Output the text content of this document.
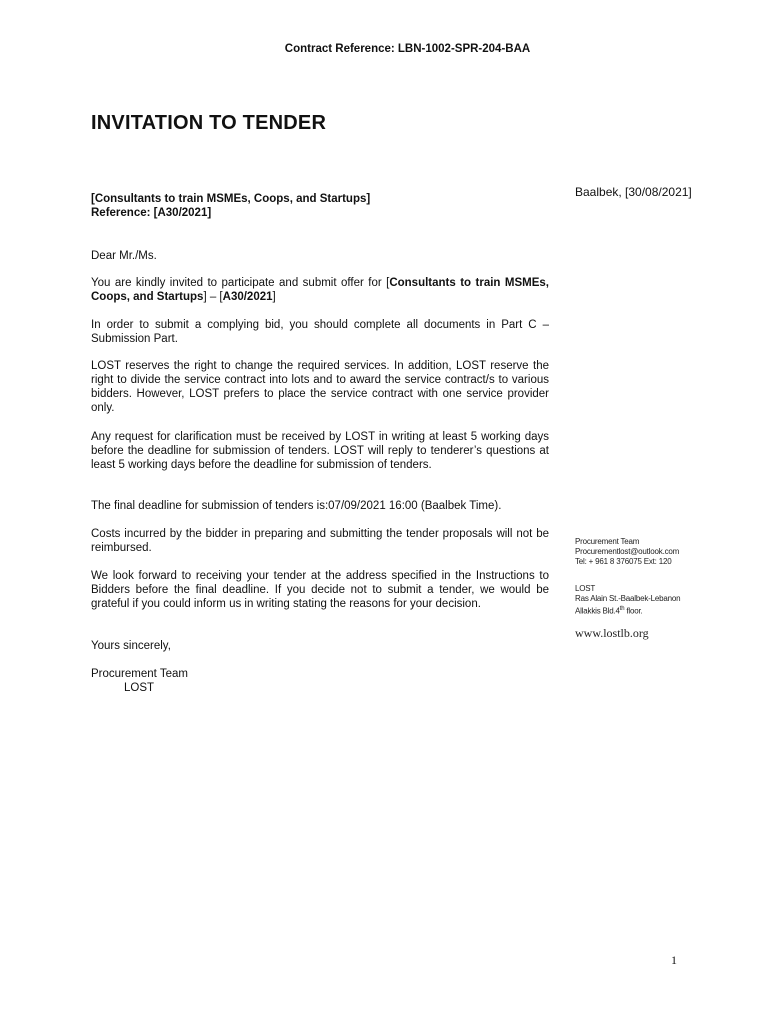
Contract Reference: LBN-1002-SPR-204-BAA
INVITATION TO TENDER
Baalbek, [30/08/2021]

[Consultants to train MSMEs, Coops, and Startups]

Reference: [A30/2021]

Dear Mr./Ms.

You are kindly invited to participate and submit offer for [Consultants to train MSMEs, Coops, and Startups] – [A30/2021]

In order to submit a complying bid, you should complete all documents in Part C – Submission Part.

LOST reserves the right to change the required services. In addition, LOST reserve the right to divide the service contract into lots and to award the service contract/s to various bidders. However, LOST prefers to place the service contract with one service provider only.

Any request for clarification must be received by LOST in writing at least 5 working days before the deadline for submission of tenders. LOST will reply to tenderer’s questions at least 5 working days before the deadline for submission of tenders.

The final deadline for submission of tenders is:07/09/2021 16:00 (Baalbek Time).

Costs incurred by the bidder in preparing and submitting the tender proposals will not be reimbursed.

We look forward to receiving your tender at the address specified in the Instructions to Bidders before the final deadline. If you decide not to submit a tender, we would be grateful if you could inform us in writing stating the reasons for your decision.

Yours sincerely,

Procurement Team

LOST

Procurement Team

Procurementlost@outlook.com

Tel: + 961 8 376075 Ext: 120

LOST

Ras Alain St.-Baalbek-Lebanon

Allakkis Bld.4th floor.

www.lostlb.org
1
